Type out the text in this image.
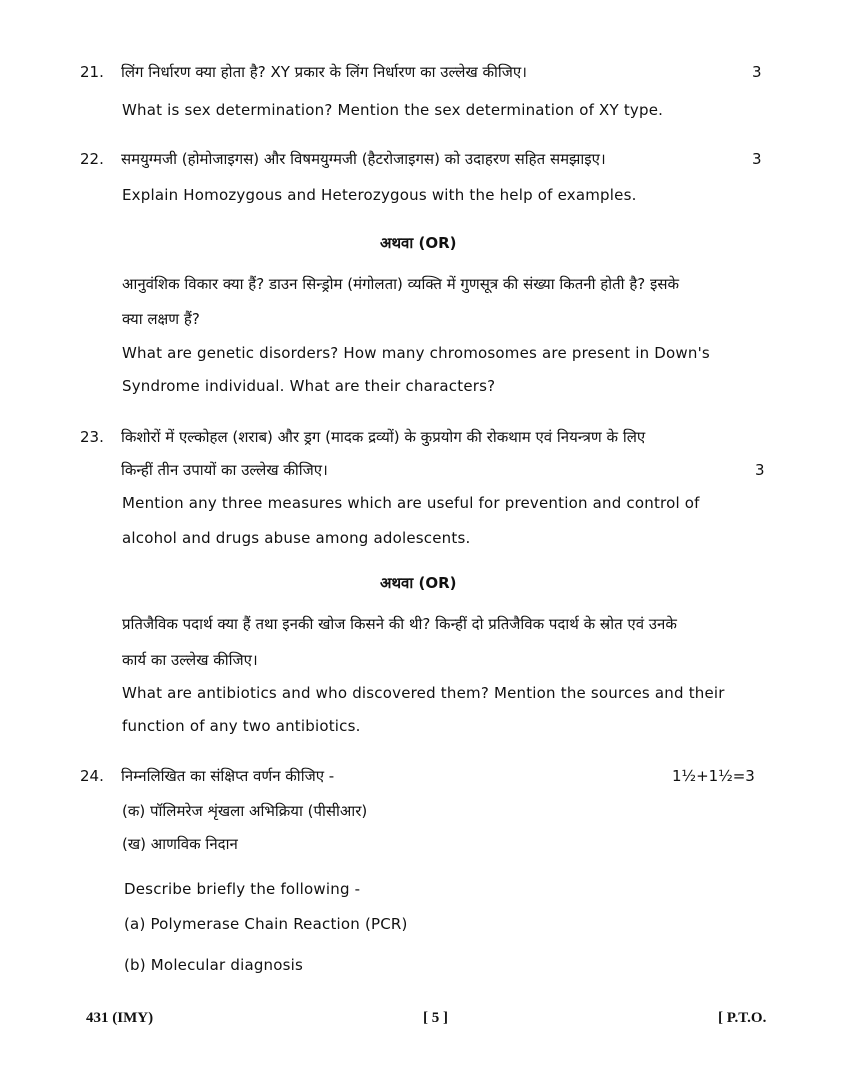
21. लिंग निर्धारण क्या होता है? XY प्रकार के लिंग निर्धारण का उल्लेख कीजिए।	3
What is sex determination? Mention the sex determination of XY type.
22. समयुग्मजी (होमोजाइगस) और विषमयुग्मजी (हैटरोजाइगस) को उदाहरण सहित समझाइए।	3
Explain Homozygous and Heterozygous with the help of examples.
अथवा (OR)
आनुवंशिक विकार क्या हैं? डाउन सिन्ड्रोम (मंगोलता) व्यक्ति में गुणसूत्र की संख्या कितनी होती है? इसके
क्या लक्षण हैं?
What are genetic disorders? How many chromosomes are present in Down's
Syndrome individual. What are their characters?
23. किशोरों में एल्कोहल (शराब) और ड्रग (मादक द्रव्यों) के कुप्रयोग की रोकथाम एवं नियन्त्रण के लिए
किन्हीं तीन उपायों का उल्लेख कीजिए।	3
Mention any three measures which are useful for prevention and control of
alcohol and drugs abuse among adolescents.
अथवा (OR)
प्रतिजैविक पदार्थ क्या हैं तथा इनकी खोज किसने की थी? किन्हीं दो प्रतिजैविक पदार्थ के स्रोत एवं उनके
कार्य का उल्लेख कीजिए।
What are antibiotics and who discovered them? Mention the sources and their
function of any two antibiotics.
24. निम्नलिखित का संक्षिप्त वर्णन कीजिए -	1½+1½=3
(क) पॉलिमरेज शृंखला अभिक्रिया (पीसीआर)
(ख) आणविक निदान
Describe briefly the following -
(a) Polymerase Chain Reaction (PCR)
(b) Molecular diagnosis
431 (IMY)	[ 5 ]	[ P.T.O.
